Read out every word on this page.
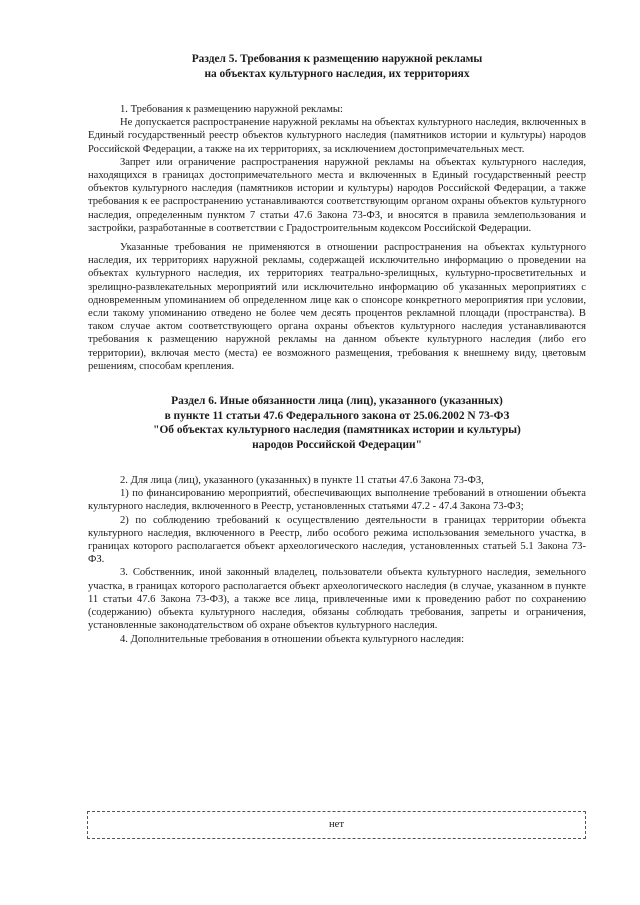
Раздел 5. Требования к размещению наружной рекламы
на объектах культурного наследия, их территориях

1. Требования к размещению наружной рекламы:

Не допускается распространение наружной рекламы на объектах культурного наследия, включенных в Единый государственный реестр объектов культурного наследия (памятников истории и культуры) народов Российской Федерации, а также на их территориях, за исключением достопримечательных мест.

Запрет или ограничение распространения наружной рекламы на объектах культурного наследия, находящихся в границах достопримечательного места и включенных в Единый государственный реестр объектов культурного наследия (памятников истории и культуры) народов Российской Федерации, а также требования к ее распространению устанавливаются соответствующим органом охраны объектов культурного наследия, определенным пунктом 7 статьи 47.6 Закона 73-ФЗ, и вносятся в правила землепользования и застройки, разработанные в соответствии с Градостроительным кодексом Российской Федерации.

Указанные требования не применяются в отношении распространения на объектах культурного наследия, их территориях наружной рекламы, содержащей исключительно информацию о проведении на объектах культурного наследия, их территориях театрально-зрелищных, культурно-просветительных и зрелищно-развлекательных мероприятий или исключительно информацию об указанных мероприятиях с одновременным упоминанием об определенном лице как о спонсоре конкретного мероприятия при условии, если такому упоминанию отведено не более чем десять процентов рекламной площади (пространства). В таком случае актом соответствующего органа охраны объектов культурного наследия устанавливаются требования к размещению наружной рекламы на данном объекте культурного наследия (либо его территории), включая место (места) ее возможного размещения, требования к внешнему виду, цветовым решениям, способам крепления.

Раздел 6. Иные обязанности лица (лиц), указанного (указанных)
в пункте 11 статьи 47.6 Федерального закона от 25.06.2002 N 73-ФЗ
"Об объектах культурного наследия (памятниках истории и культуры)
народов Российской Федерации"

2. Для лица (лиц), указанного (указанных) в пункте 11 статьи 47.6 Закона 73-ФЗ,

1) по финансированию мероприятий, обеспечивающих выполнение требований в отношении объекта культурного наследия, включенного в Реестр, установленных статьями 47.2 - 47.4 Закона 73-ФЗ;

2) по соблюдению требований к осуществлению деятельности в границах территории объекта культурного наследия, включенного в Реестр, либо особого режима использования земельного участка, в границах которого располагается объект археологического наследия, установленных статьей 5.1 Закона 73-ФЗ.

3. Собственник, иной законный владелец, пользователи объекта культурного наследия, земельного участка, в границах которого располагается объект археологического наследия (в случае, указанном в пункте 11 статьи 47.6 Закона 73-ФЗ), а также все лица, привлеченные ими к проведению работ по сохранению (содержанию) объекта культурного наследия, обязаны соблюдать требования, запреты и ограничения, установленные законодательством об охране объектов культурного наследия.

4. Дополнительные требования в отношении объекта культурного наследия:

нет
